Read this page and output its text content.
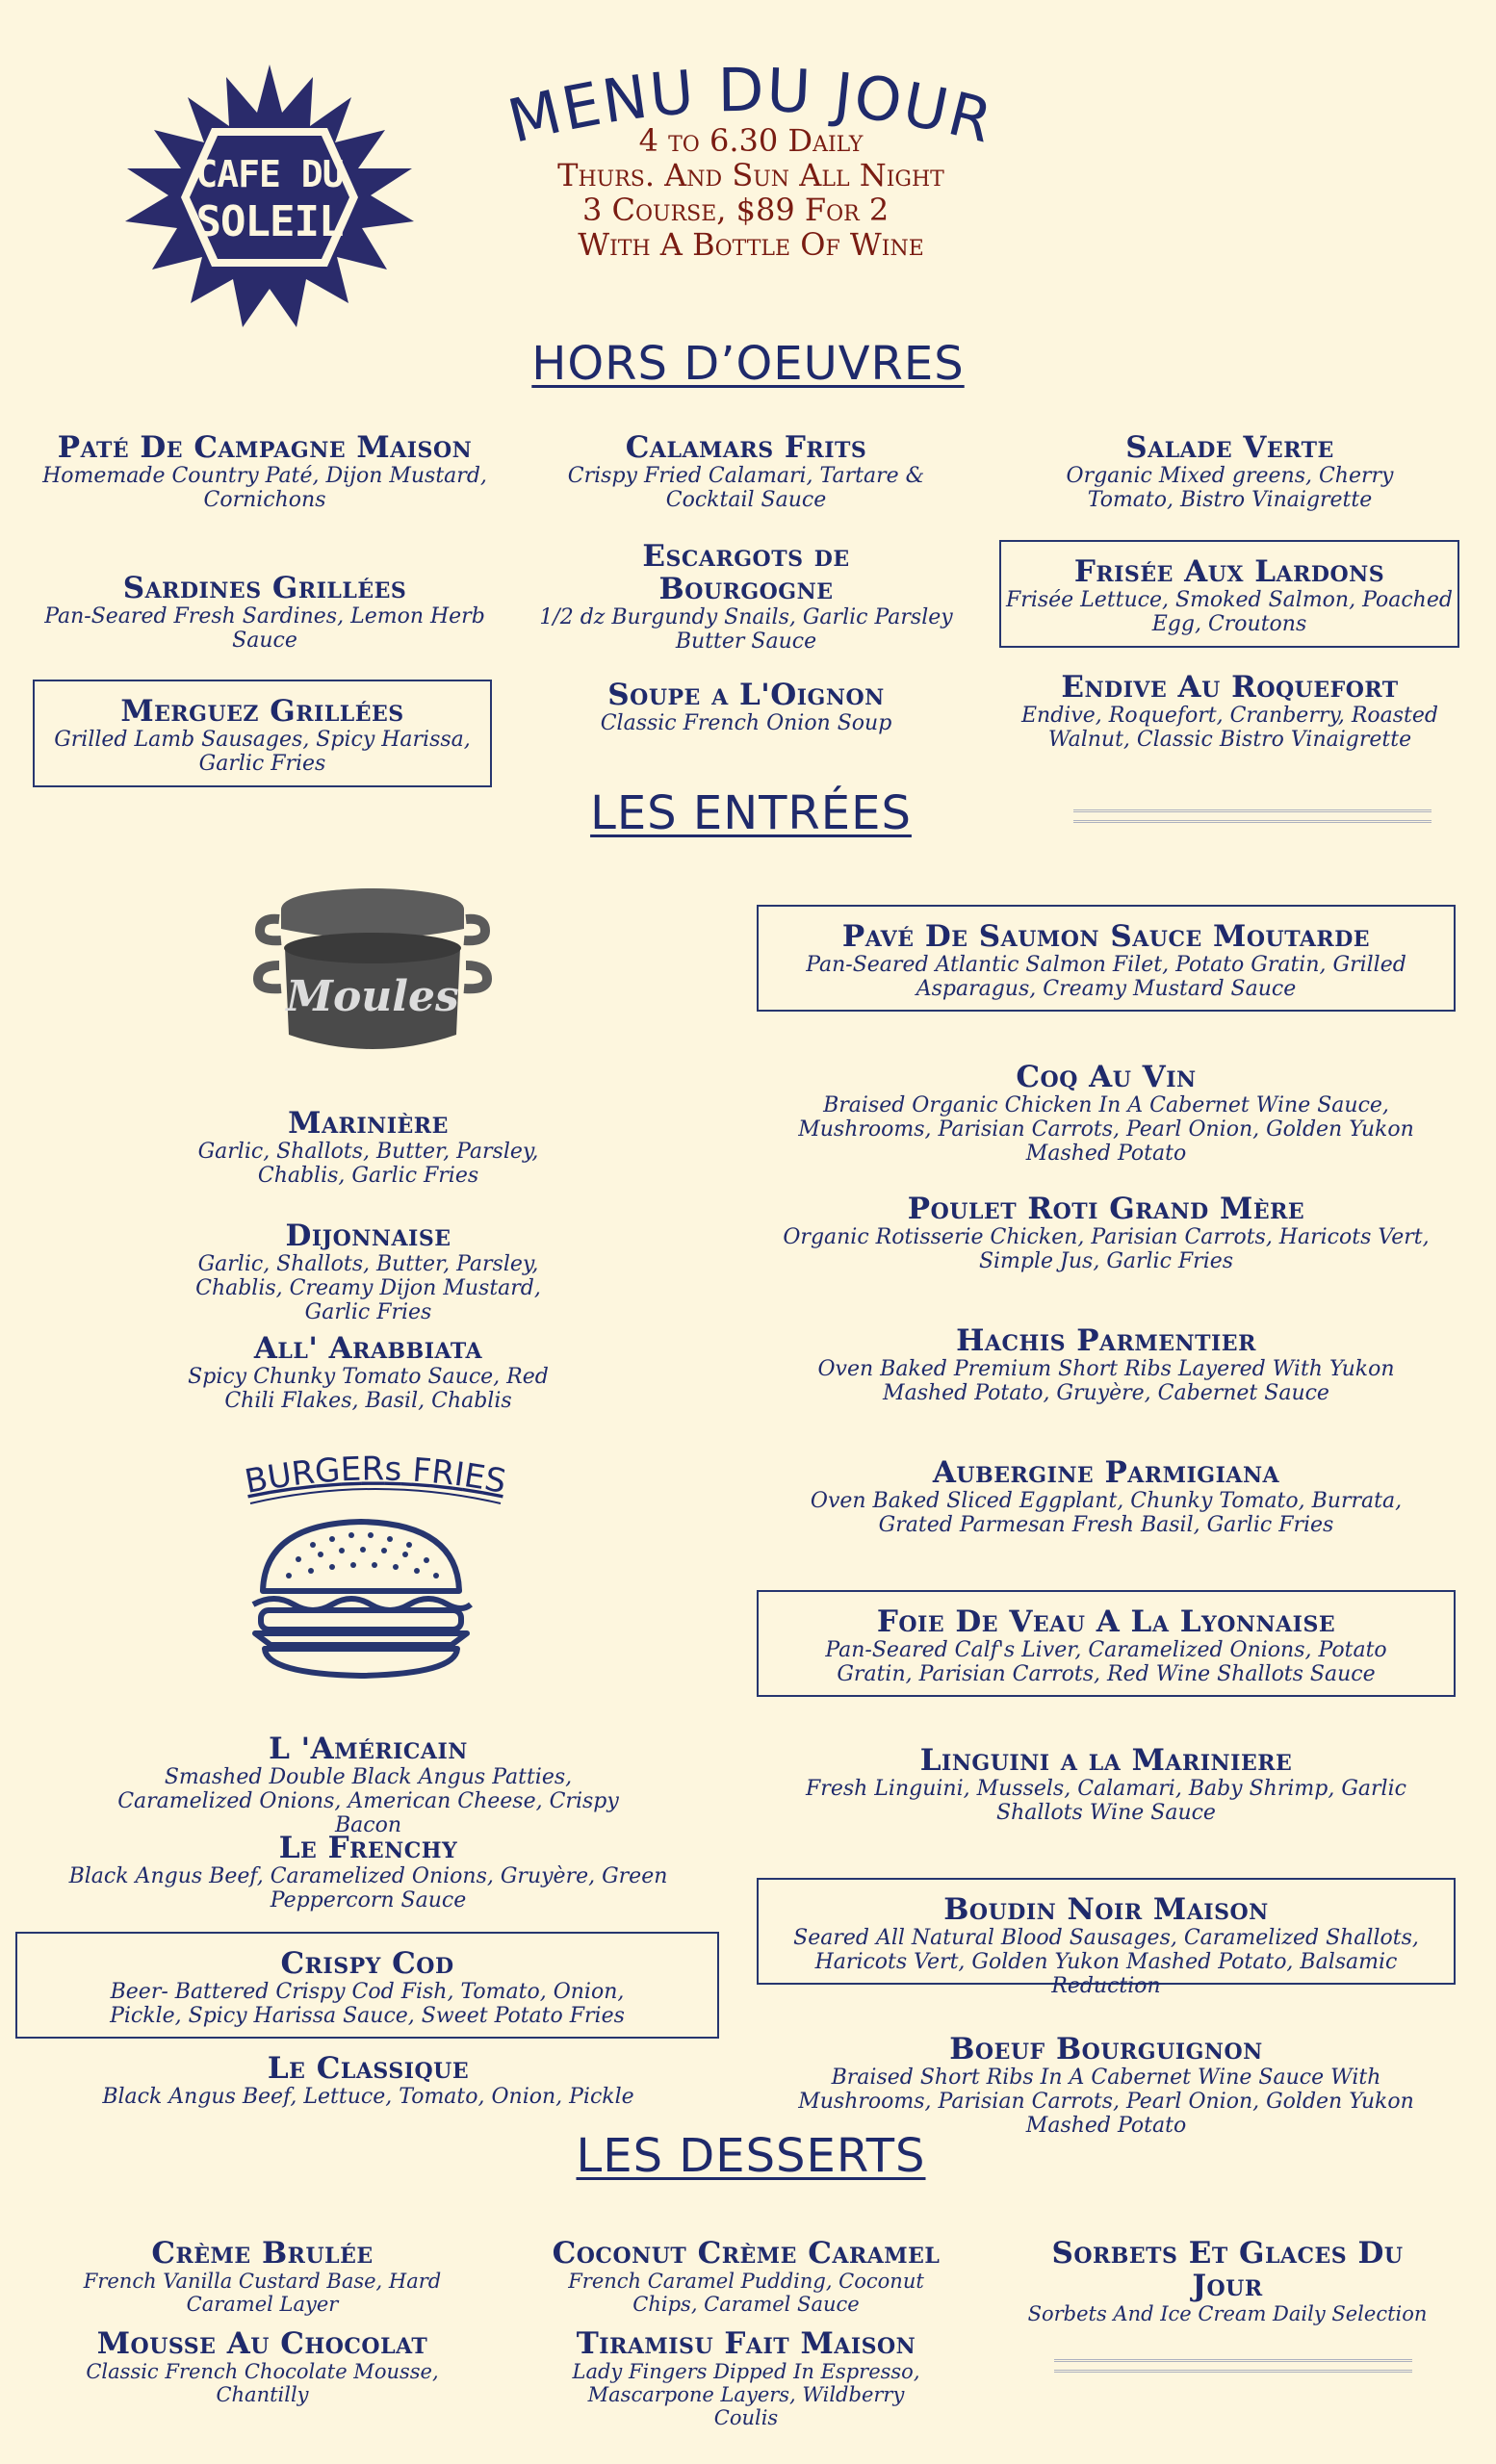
CAFE DU
SOLEIL
MENU DU JOUR
4 to 6.30 Daily
Thurs. And Sun All Night
3 Course, $89 For 2
With A Bottle Of Wine
HORS D’OEUVRES
Paté De Campagne Maison
Homemade Country Paté, Dijon Mustard, Cornichons
Sardines Grillées
Pan-Seared Fresh Sardines, Lemon Herb Sauce
Merguez Grillées
Grilled Lamb Sausages, Spicy Harissa, Garlic Fries
Calamars Frits
Crispy Fried Calamari, Tartare & Cocktail Sauce
Escargots de Bourgogne
1/2 dz Burgundy Snails, Garlic Parsley Butter Sauce
Soupe a L'Oignon
Classic French Onion Soup
Salade Verte
Organic Mixed greens, Cherry Tomato, Bistro Vinaigrette
Frisée Aux Lardons
Frisée Lettuce, Smoked Salmon, Poached Egg, Croutons
Endive Au Roquefort
Endive, Roquefort, Cranberry, Roasted Walnut, Classic Bistro Vinaigrette
LES ENTRÉES
Moules
Marinière
Garlic, Shallots, Butter, Parsley, Chablis, Garlic Fries
Dijonnaise
Garlic, Shallots, Butter, Parsley, Chablis, Creamy Dijon Mustard, Garlic Fries
All' Arabbiata
Spicy Chunky Tomato Sauce, Red Chili Flakes, Basil, Chablis
BURGERs FRIES
L 'Américain
Smashed Double Black Angus Patties, Caramelized Onions, American Cheese, Crispy Bacon
Le Frenchy
Black Angus Beef, Caramelized Onions, Gruyère, Green Peppercorn Sauce
Crispy Cod
Beer- Battered Crispy Cod Fish, Tomato, Onion, Pickle, Spicy Harissa Sauce, Sweet Potato Fries
Le Classique
Black Angus Beef, Lettuce, Tomato, Onion, Pickle
Pavé De Saumon Sauce Moutarde
Pan-Seared Atlantic Salmon Filet, Potato Gratin, Grilled Asparagus, Creamy Mustard Sauce
Coq Au Vin
Braised Organic Chicken In A Cabernet Wine Sauce, Mushrooms, Parisian Carrots, Pearl Onion, Golden Yukon Mashed Potato
Poulet Roti Grand Mère
Organic Rotisserie Chicken, Parisian Carrots, Haricots Vert, Simple Jus, Garlic Fries
Hachis Parmentier
Oven Baked Premium Short Ribs Layered With Yukon Mashed Potato, Gruyère, Cabernet Sauce
Aubergine Parmigiana
Oven Baked Sliced Eggplant, Chunky Tomato, Burrata, Grated Parmesan Fresh Basil, Garlic Fries
Foie De Veau A La Lyonnaise
Pan-Seared Calf's Liver, Caramelized Onions, Potato Gratin, Parisian Carrots, Red Wine Shallots Sauce
Linguini a la Mariniere
Fresh Linguini, Mussels, Calamari, Baby Shrimp, Garlic Shallots Wine Sauce
Boudin Noir Maison
Seared All Natural Blood Sausages, Caramelized Shallots, Haricots Vert, Golden Yukon Mashed Potato, Balsamic Reduction
Boeuf Bourguignon
Braised Short Ribs In A Cabernet Wine Sauce With Mushrooms, Parisian Carrots, Pearl Onion, Golden Yukon Mashed Potato
LES DESSERTS
Crème Brulée
French Vanilla Custard Base, Hard Caramel Layer
Mousse Au Chocolat
Classic French Chocolate Mousse, Chantilly
Coconut Crème Caramel
French Caramel Pudding, Coconut Chips, Caramel Sauce
Tiramisu Fait Maison
Lady Fingers Dipped In Espresso, Mascarpone Layers, Wildberry Coulis
Sorbets Et Glaces Du Jour
Sorbets And Ice Cream Daily Selection
